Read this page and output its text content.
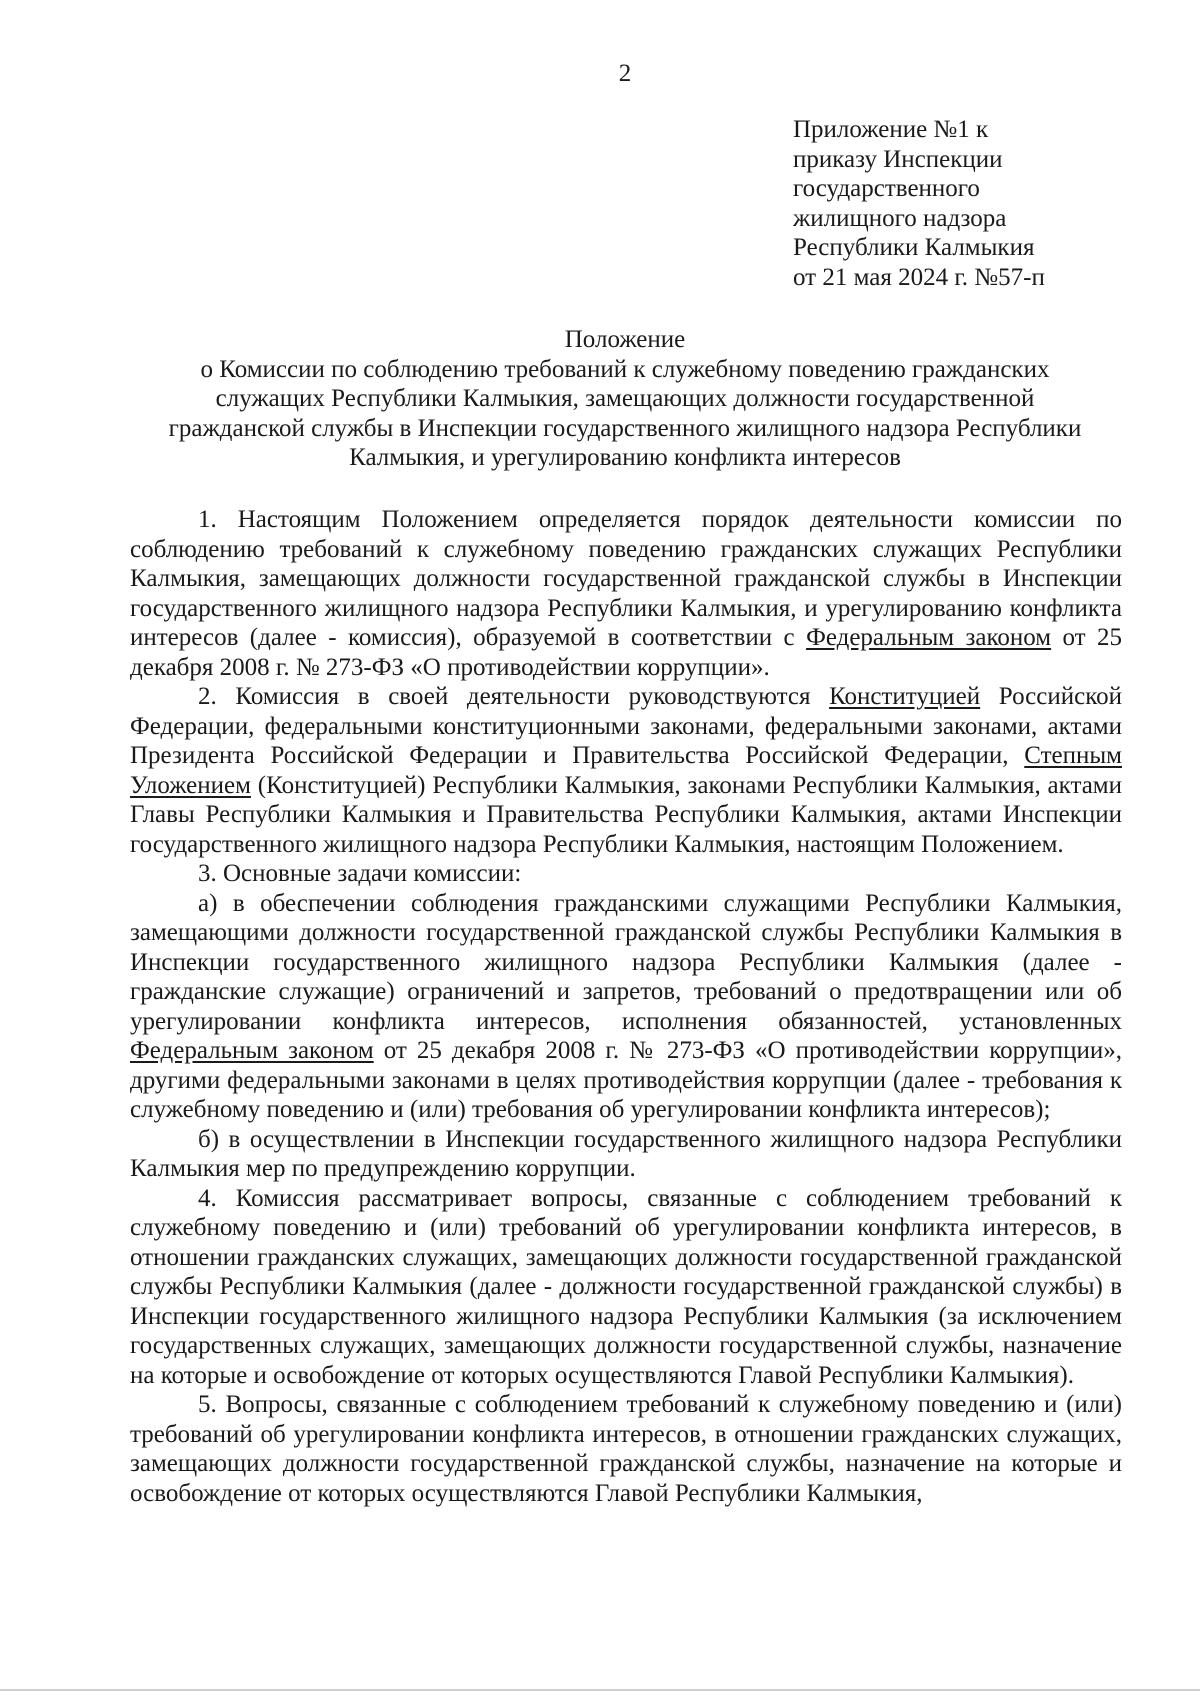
2
Приложение №1 к
приказу Инспекции
государственного
жилищного надзора
Республики Калмыкия
от 21 мая 2024 г. №57-п
Положение
о Комиссии по соблюдению требований к служебному поведению гражданских
служащих Республики Калмыкия, замещающих должности государственной
гражданской службы в Инспекции государственного жилищного надзора Республики
Калмыкия, и урегулированию конфликта интересов

1. Настоящим Положением определяется порядок деятельности комиссии по соблюдению требований к служебному поведению гражданских служащих Республики Калмыкия, замещающих должности государственной гражданской службы в Инспекции государственного жилищного надзора Республики Калмыкия, и урегулированию конфликта интересов (далее - комиссия), образуемой в соответствии с Федеральным законом от 25 декабря 2008 г. № 273-ФЗ «О противодействии коррупции».

2. Комиссия в своей деятельности руководствуются Конституцией Российской Федерации, федеральными конституционными законами, федеральными законами, актами Президента Российской Федерации и Правительства Российской Федерации, Степным Уложением (Конституцией) Республики Калмыкия, законами Республики Калмыкия, актами Главы Республики Калмыкия и Правительства Республики Калмыкия, актами Инспекции государственного жилищного надзора Республики Калмыкия, настоящим Положением.

3. Основные задачи комиссии:

а) в обеспечении соблюдения гражданскими служащими Республики Калмыкия, замещающими должности государственной гражданской службы Республики Калмыкия в Инспекции государственного жилищного надзора Республики Калмыкия (далее - гражданские служащие) ограничений и запретов, требований о предотвращении или об урегулировании конфликта интересов, исполнения обязанностей, установленных Федеральным законом от 25 декабря 2008 г. № 273-ФЗ «О противодействии коррупции», другими федеральными законами в целях противодействия коррупции (далее - требования к служебному поведению и (или) требования об урегулировании конфликта интересов);

б) в осуществлении в Инспекции государственного жилищного надзора Республики Калмыкия мер по предупреждению коррупции.

4. Комиссия рассматривает вопросы, связанные с соблюдением требований к служебному поведению и (или) требований об урегулировании конфликта интересов, в отношении гражданских служащих, замещающих должности государственной гражданской службы Республики Калмыкия (далее - должности государственной гражданской службы) в Инспекции государственного жилищного надзора Республики Калмыкия (за исключением государственных служащих, замещающих должности государственной службы, назначение на которые и освобождение от которых осуществляются Главой Республики Калмыкия).

5. Вопросы, связанные с соблюдением требований к служебному поведению и (или) требований об урегулировании конфликта интересов, в отношении гражданских служащих, замещающих должности государственной гражданской службы, назначение на которые и освобождение от которых осуществляются Главой Республики Калмыкия,
